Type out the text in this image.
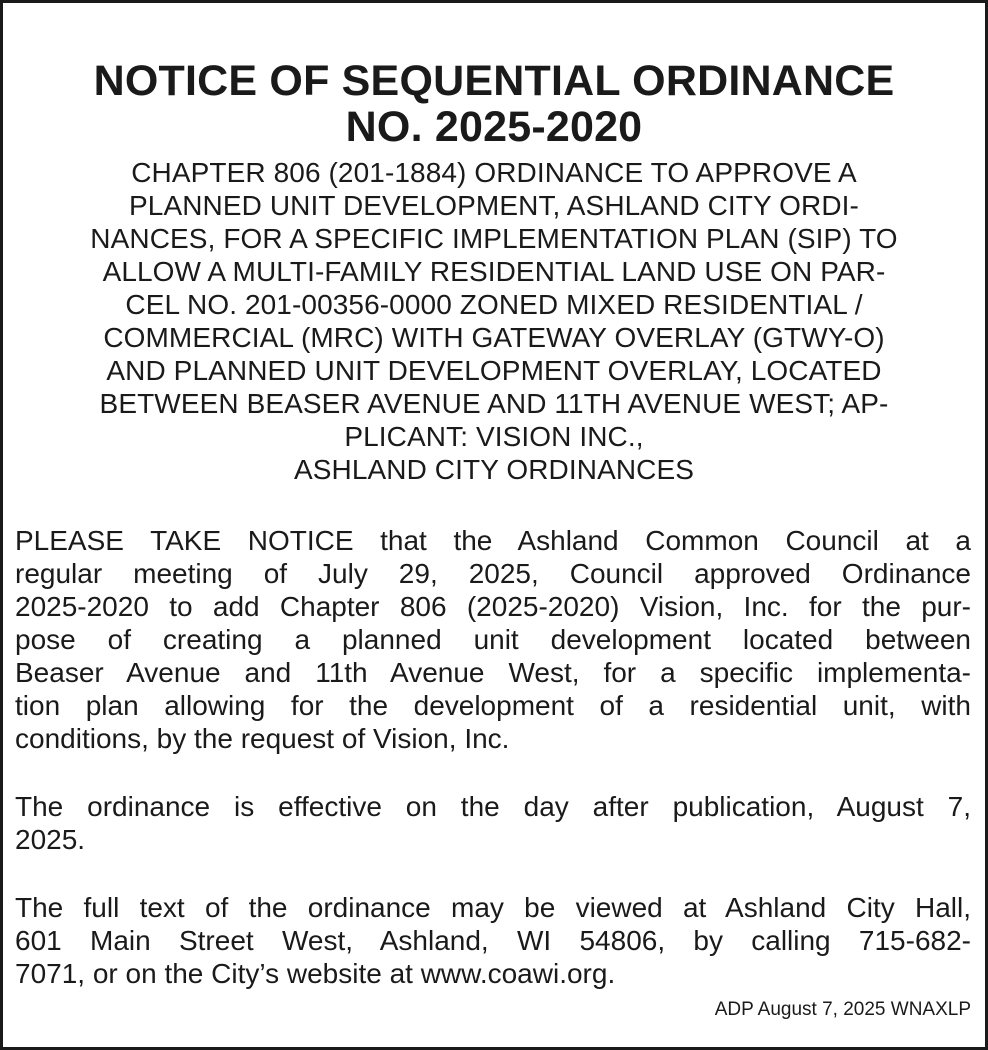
NOTICE OF SEQUENTIAL ORDINANCE
NO. 2025-2020
CHAPTER 806 (201-1884) ORDINANCE TO APPROVE A
PLANNED UNIT DEVELOPMENT, ASHLAND CITY ORDI-
NANCES, FOR A SPECIFIC IMPLEMENTATION PLAN (SIP) TO
ALLOW A MULTI-FAMILY RESIDENTIAL LAND USE ON PAR-
CEL NO. 201-00356-0000 ZONED MIXED RESIDENTIAL /
COMMERCIAL (MRC) WITH GATEWAY OVERLAY (GTWY-O)
AND PLANNED UNIT DEVELOPMENT OVERLAY, LOCATED
BETWEEN BEASER AVENUE AND 11TH AVENUE WEST; AP-
PLICANT: VISION INC.,
ASHLAND CITY ORDINANCES
PLEASE TAKE NOTICE that the Ashland Common Council at a
regular meeting of July 29, 2025, Council approved Ordinance
2025-2020 to add Chapter 806 (2025-2020) Vision, Inc. for the pur-
pose of creating a planned unit development located between
Beaser Avenue and 11th Avenue West, for a specific implementa-
tion plan allowing for the development of a residential unit, with
conditions, by the request of Vision, Inc.
The ordinance is effective on the day after publication, August 7,
2025.
The full text of the ordinance may be viewed at Ashland City Hall,
601 Main Street West, Ashland, WI 54806, by calling 715-682-
7071, or on the City’s website at www.coawi.org.
ADP August 7, 2025 WNAXLP
